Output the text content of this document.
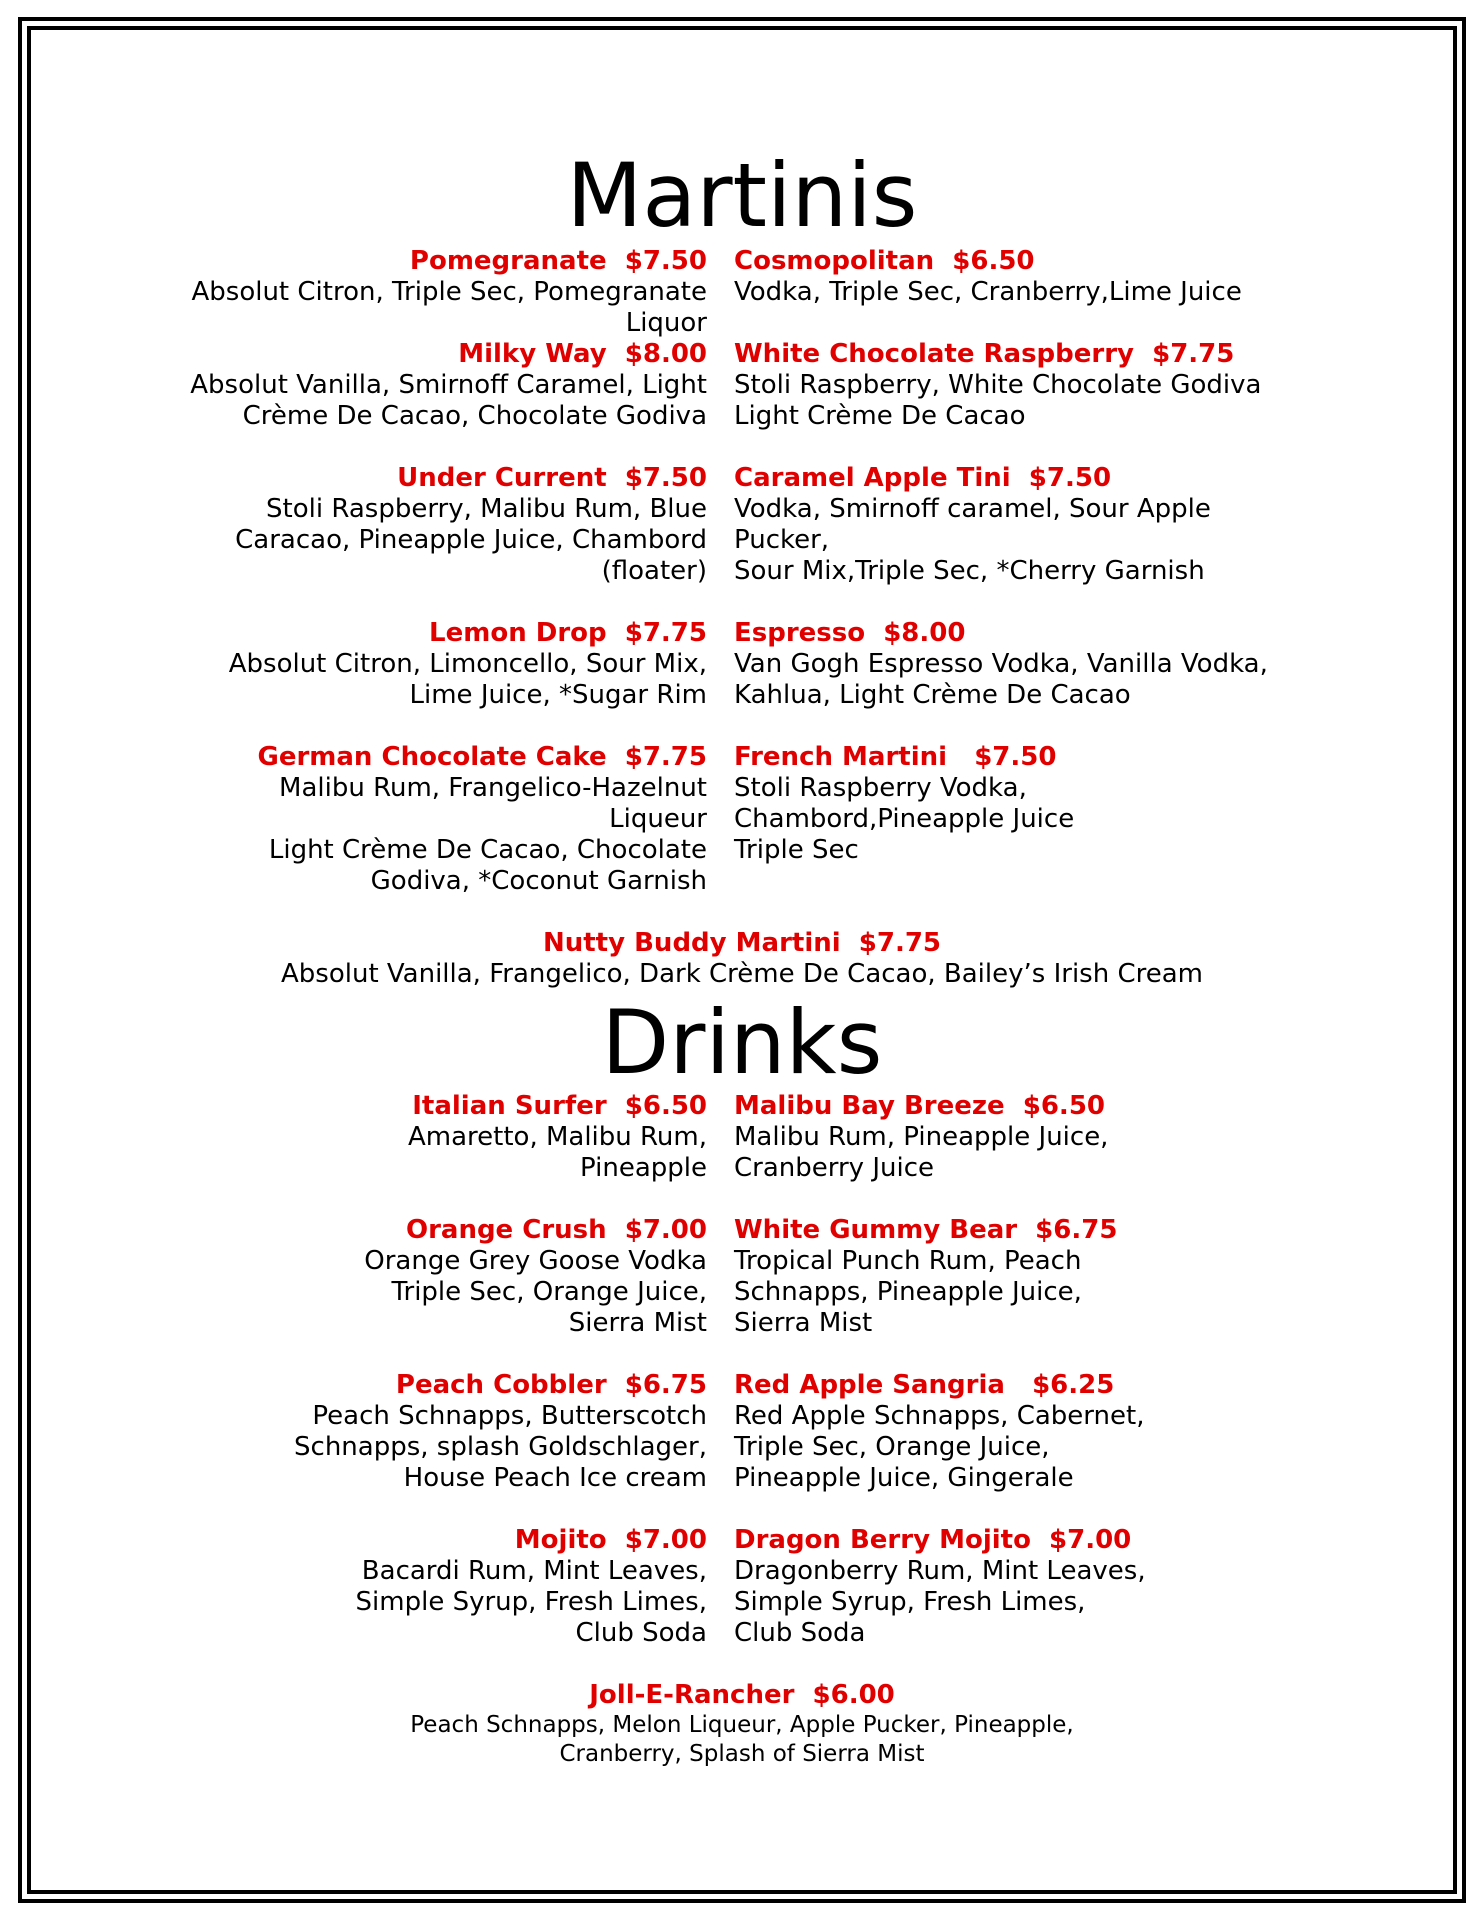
Martinis
Pomegranate  $7.50
Absolut Citron, Triple Sec, Pomegranate
Liquor
Milky Way  $8.00
Absolut Vanilla, Smirnoff Caramel, Light
Crème De Cacao, Chocolate Godiva
Under Current  $7.50
Stoli Raspberry, Malibu Rum, Blue
Caracao, Pineapple Juice, Chambord
(floater)
Lemon Drop  $7.75
Absolut Citron, Limoncello, Sour Mix,
Lime Juice, *Sugar Rim
German Chocolate Cake  $7.75
Malibu Rum, Frangelico-Hazelnut
Liqueur
Light Crème De Cacao, Chocolate
Godiva, *Coconut Garnish
Cosmopolitan  $6.50
Vodka, Triple Sec, Cranberry,Lime Juice
White Chocolate Raspberry  $7.75
Stoli Raspberry, White Chocolate Godiva
Light Crème De Cacao
Caramel Apple Tini  $7.50
Vodka, Smirnoff caramel, Sour Apple
Pucker,
Sour Mix,Triple Sec, *Cherry Garnish
Espresso  $8.00
Van Gogh Espresso Vodka, Vanilla Vodka,
Kahlua, Light Crème De Cacao
French Martini   $7.50
Stoli Raspberry Vodka,
Chambord,Pineapple Juice
Triple Sec
Nutty Buddy Martini  $7.75
Absolut Vanilla, Frangelico, Dark Crème De Cacao, Bailey’s Irish Cream
Drinks
Italian Surfer  $6.50
Amaretto, Malibu Rum,
Pineapple
Orange Crush  $7.00
Orange Grey Goose Vodka
Triple Sec, Orange Juice,
Sierra Mist
Peach Cobbler  $6.75
Peach Schnapps, Butterscotch
Schnapps, splash Goldschlager,
House Peach Ice cream
Mojito  $7.00
Bacardi Rum, Mint Leaves,
Simple Syrup, Fresh Limes,
Club Soda
Malibu Bay Breeze  $6.50
Malibu Rum, Pineapple Juice,
Cranberry Juice
White Gummy Bear  $6.75
Tropical Punch Rum, Peach
Schnapps, Pineapple Juice,
Sierra Mist
Red Apple Sangria   $6.25
Red Apple Schnapps, Cabernet,
Triple Sec, Orange Juice,
Pineapple Juice, Gingerale
Dragon Berry Mojito  $7.00
Dragonberry Rum, Mint Leaves,
Simple Syrup, Fresh Limes,
Club Soda
Joll-E-Rancher  $6.00
Peach Schnapps, Melon Liqueur, Apple Pucker, Pineapple,
Cranberry, Splash of Sierra Mist
